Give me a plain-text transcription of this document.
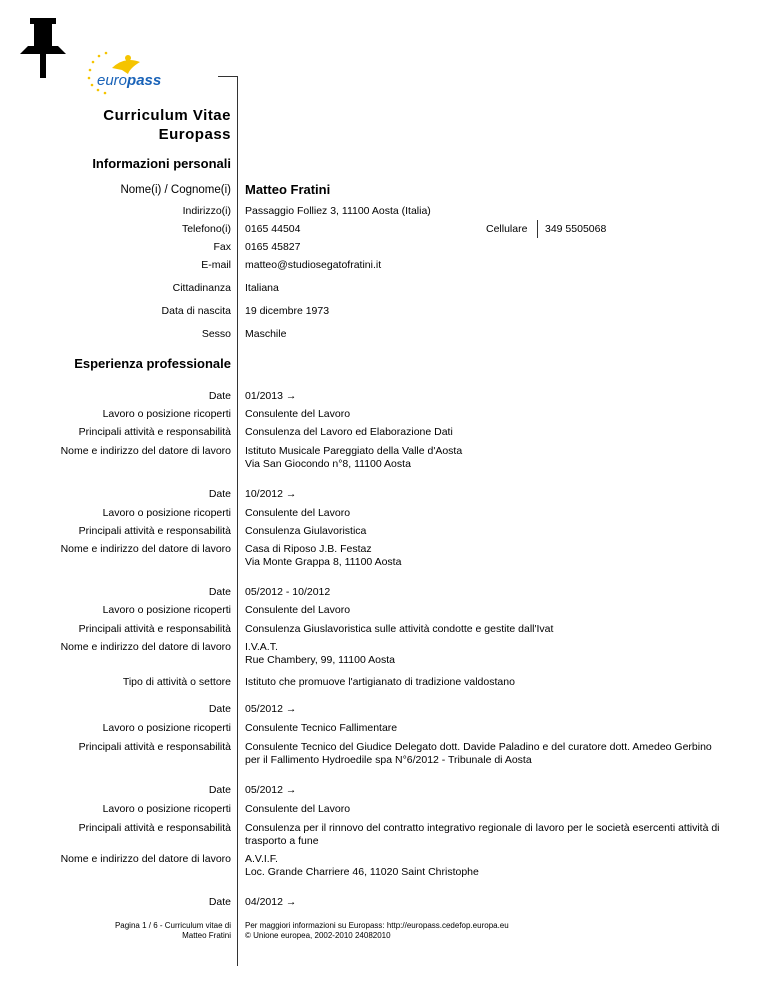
europass
Curriculum Vitae
Europass
Informazioni personali
Nome(i) / Cognome(i) Matteo Fratini
Indirizzo(i) Passaggio Folliez 3, 11100 Aosta (Italia)
Telefono(i) 0165 44504	Cellulare 349 5505068
Fax 0165 45827
E-mail matteo@studiosegatofratini.it
Cittadinanza Italiana
Data di nascita 19 dicembre 1973
Sesso Maschile
Esperienza professionale
Date 01/2013 →
Lavoro o posizione ricoperti Consulente del Lavoro
Principali attività e responsabilità Consulenza del Lavoro ed Elaborazione Dati
Nome e indirizzo del datore di lavoro Istituto Musicale Pareggiato della Valle d'Aosta
Via San Giocondo n°8, 11100 Aosta
Date 10/2012 →
Lavoro o posizione ricoperti Consulente del Lavoro
Principali attività e responsabilità Consulenza Giulavoristica
Nome e indirizzo del datore di lavoro Casa di Riposo J.B. Festaz
Via Monte Grappa 8, 11100 Aosta
Date 05/2012 - 10/2012
Lavoro o posizione ricoperti Consulente del Lavoro
Principali attività e responsabilità Consulenza Giuslavoristica sulle attività condotte e gestite dall'Ivat
Nome e indirizzo del datore di lavoro I.V.A.T.
Rue Chambery, 99, 11100 Aosta
Tipo di attività o settore Istituto che promuove l'artigianato di tradizione valdostano
Date 05/2012 →
Lavoro o posizione ricoperti Consulente Tecnico Fallimentare
Principali attività e responsabilità Consulente Tecnico del Giudice Delegato dott. Davide Paladino e del curatore dott. Amedeo Gerbino
per il Fallimento Hydroedile spa N°6/2012 - Tribunale di Aosta
Date 05/2012 →
Lavoro o posizione ricoperti Consulente del Lavoro
Principali attività e responsabilità Consulenza per il rinnovo del contratto integrativo regionale di lavoro per le società esercenti attività di
trasporto a fune
Nome e indirizzo del datore di lavoro A.V.I.F.
Loc. Grande Charriere 46, 11020 Saint Christophe
Date 04/2012 →
Pagina 1 / 6 - Curriculum vitae di
Matteo Fratini
Per maggiori informazioni su Europass: http://europass.cedefop.europa.eu
© Unione europea, 2002-2010 24082010
